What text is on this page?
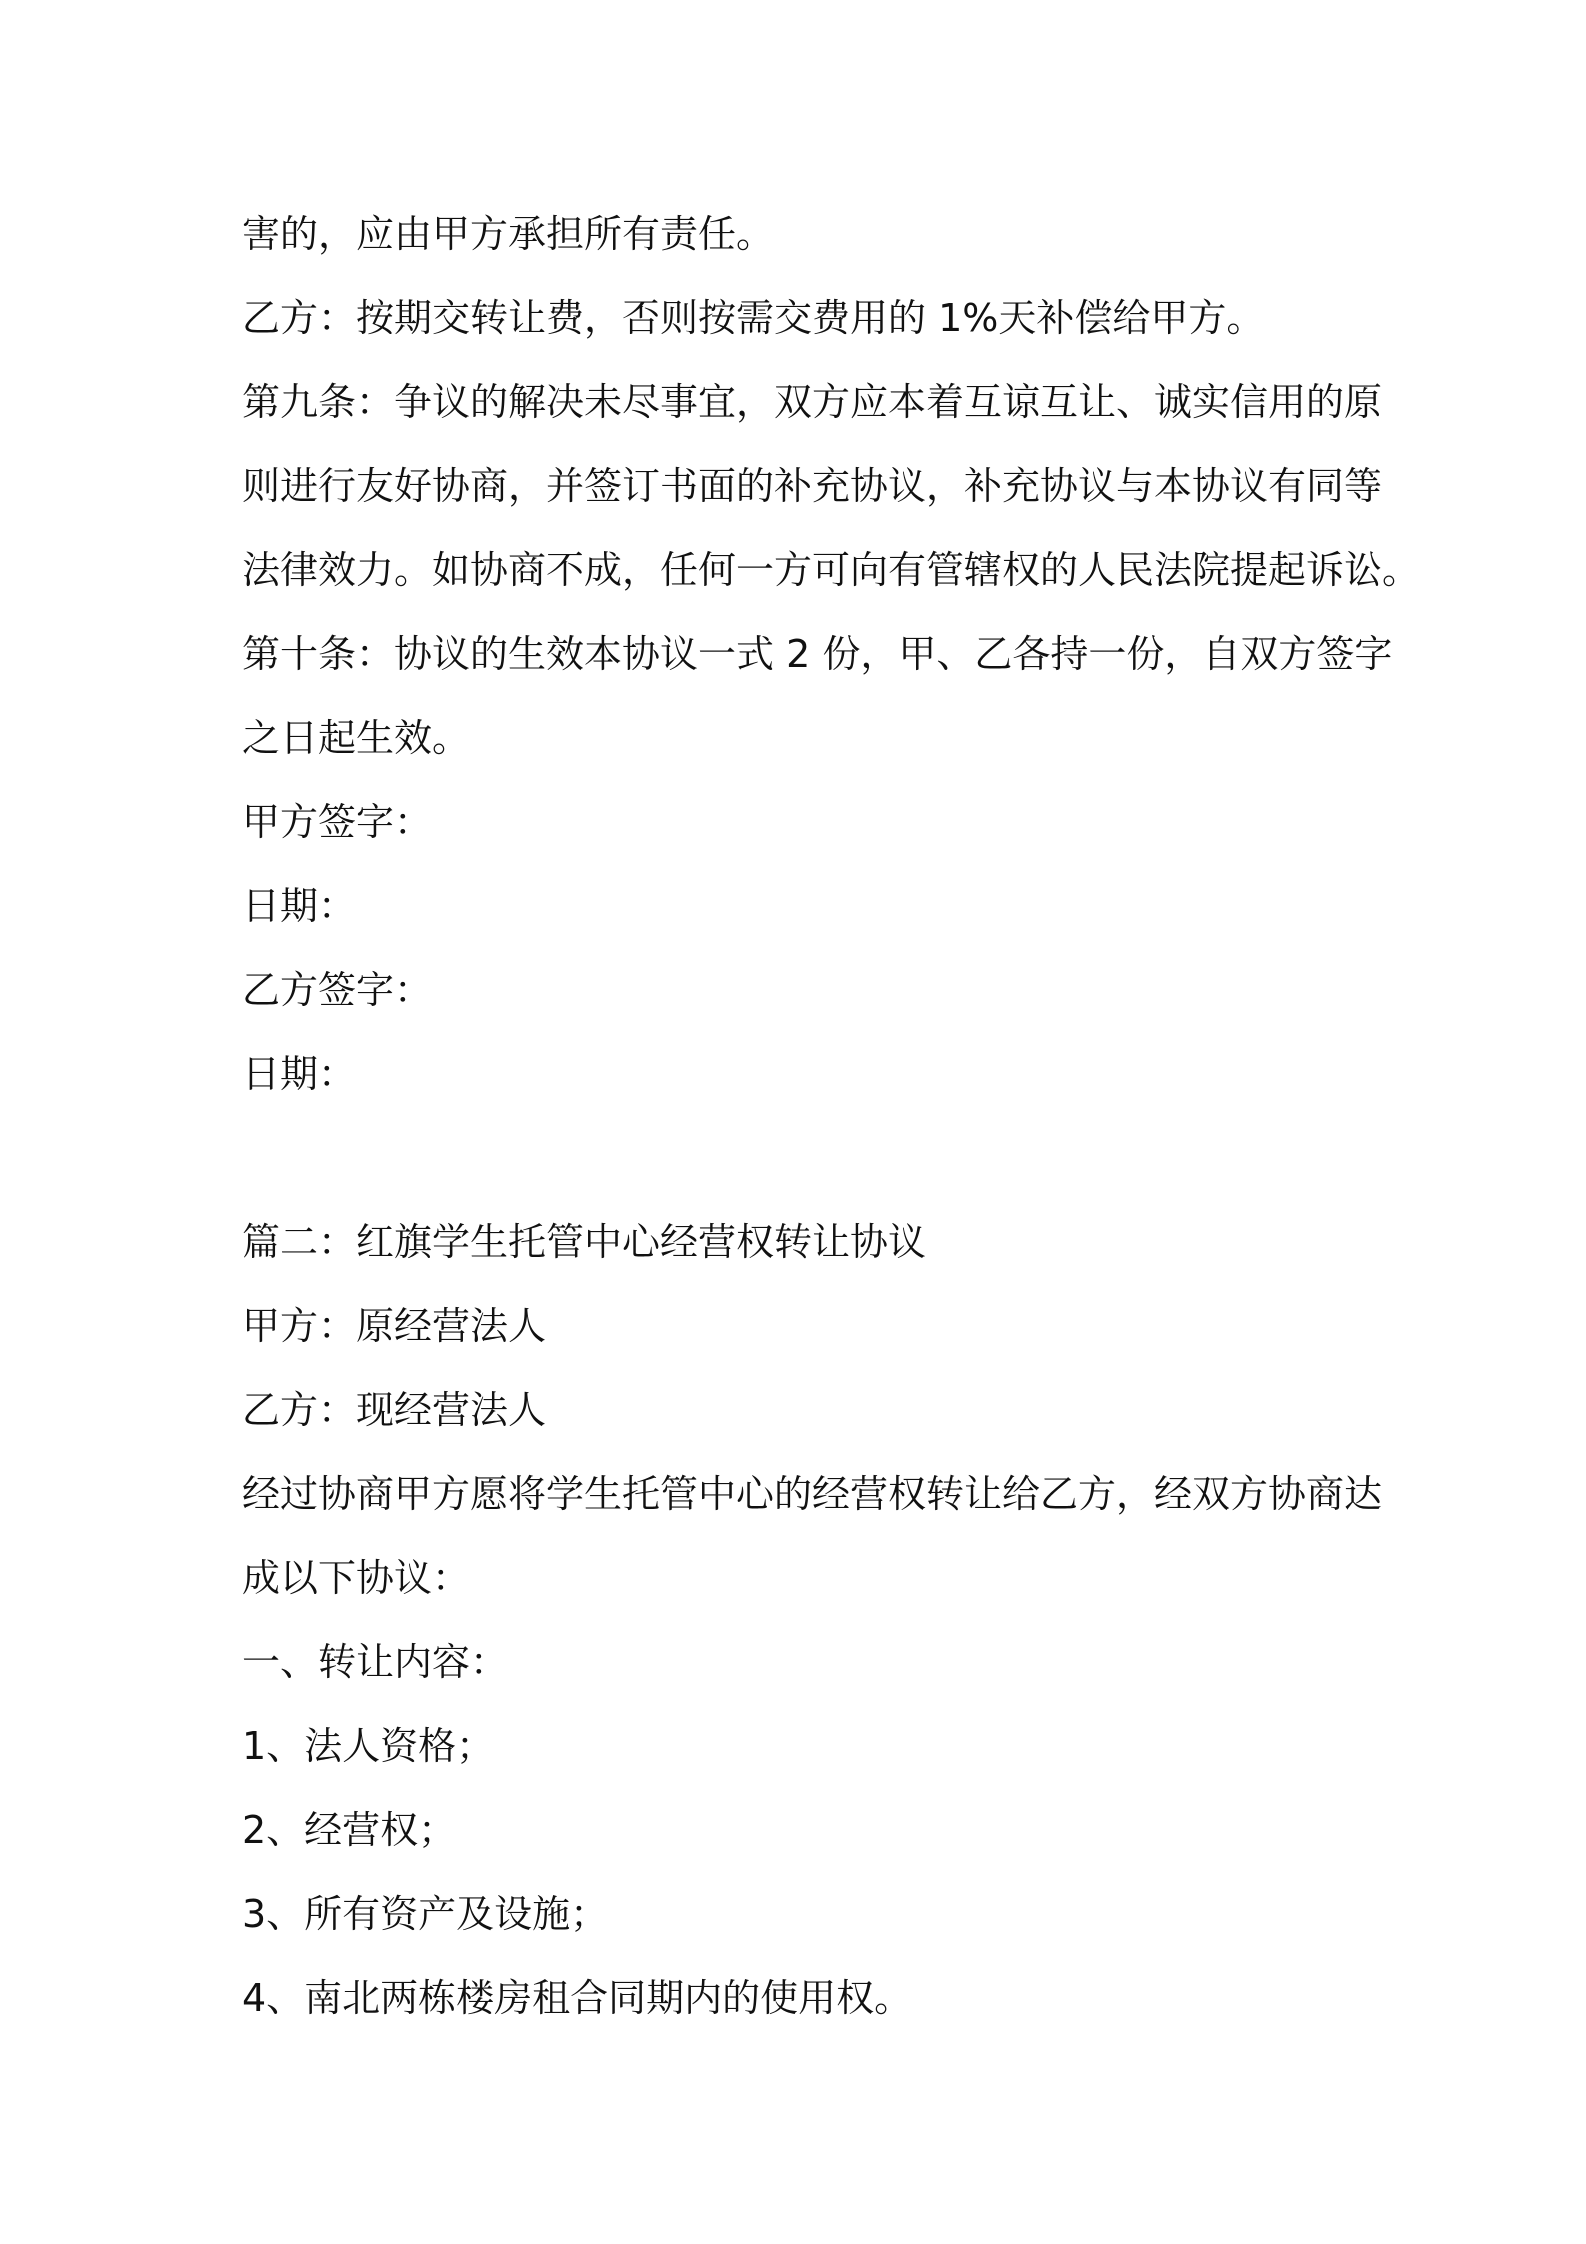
害的，应由甲方承担所有责任。

乙方：按期交转让费，否则按需交费用的 1%天补偿给甲方。

第九条：争议的解决未尽事宜，双方应本着互谅互让、诚实信用的原

则进行友好协商，并签订书面的补充协议，补充协议与本协议有同等

法律效力。如协商不成，任何一方可向有管辖权的人民法院提起诉讼。

第十条：协议的生效本协议一式 2 份，甲、乙各持一份，自双方签字

之日起生效。

甲方签字：

日期：

乙方签字：

日期：

篇二：红旗学生托管中心经营权转让协议

甲方：原经营法人

乙方：现经营法人

经过协商甲方愿将学生托管中心的经营权转让给乙方，经双方协商达

成以下协议：

一、转让内容：

1、法人资格；

2、经营权；

3、所有资产及设施；

4、南北两栋楼房租合同期内的使用权。
